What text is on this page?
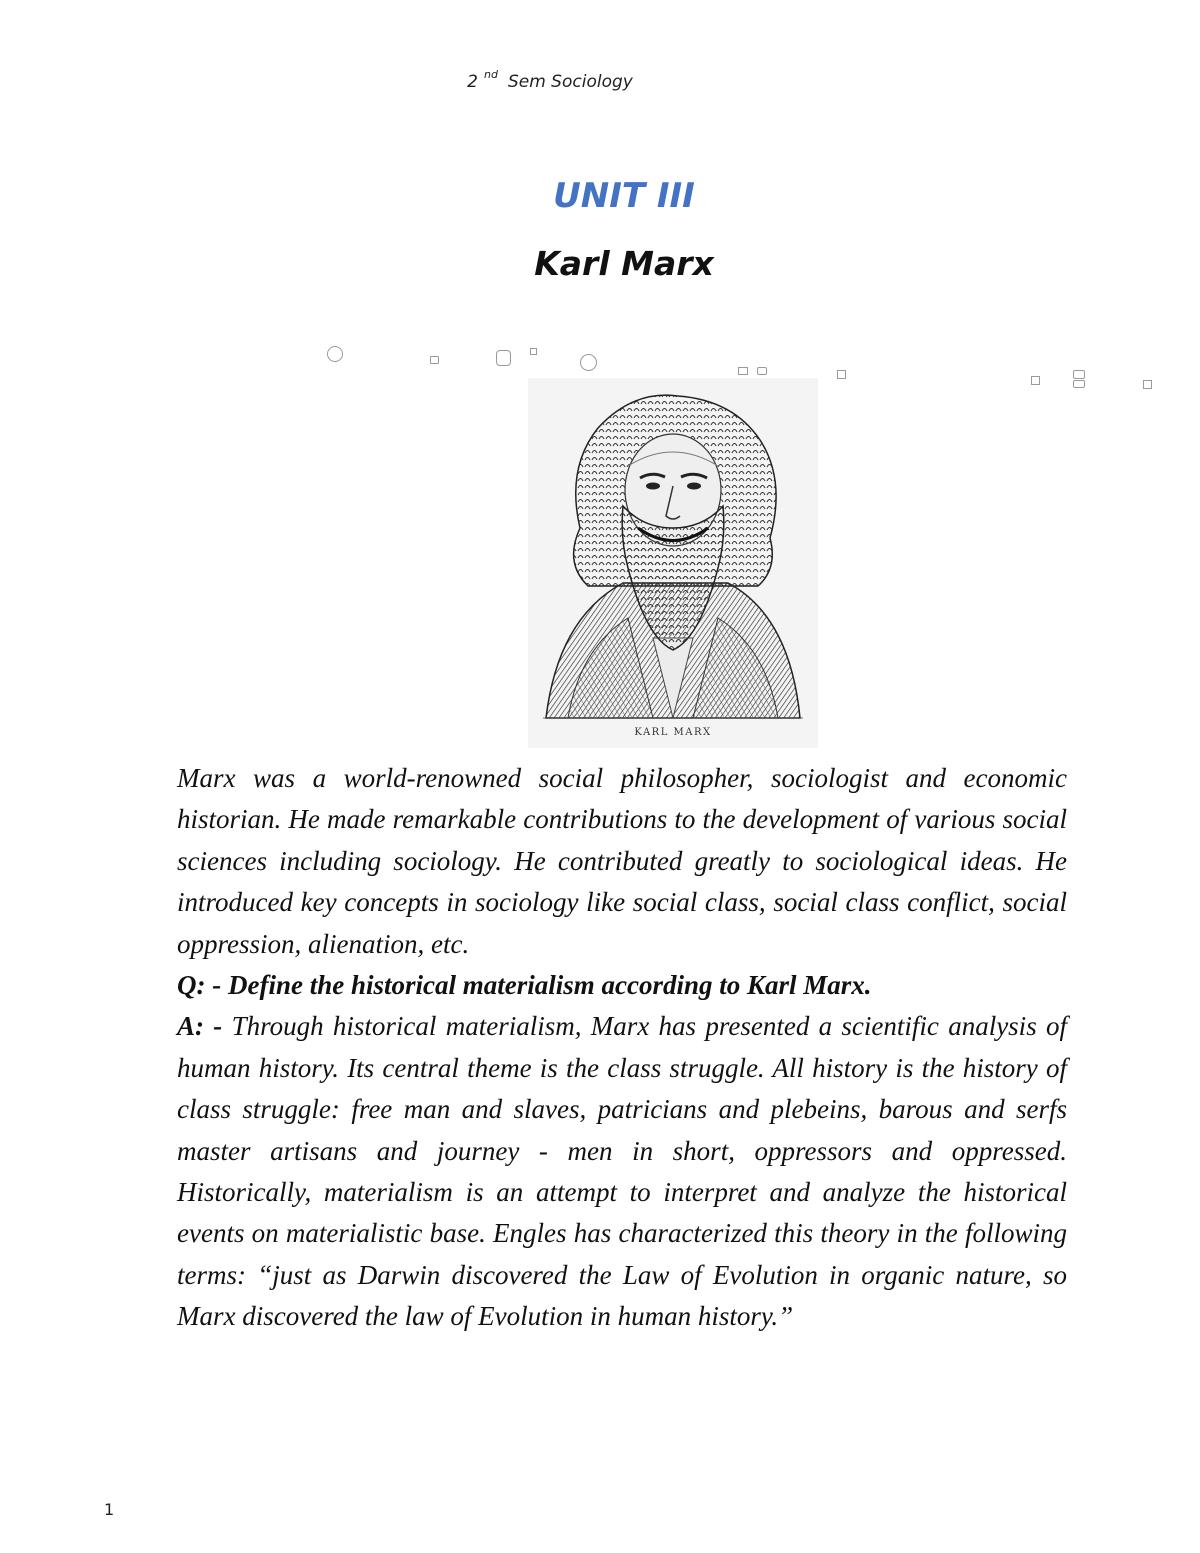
2 $^{nd}$ Sem Sociology
UNIT III
Karl Marx
KARL MARX

Marx was a world-renowned social philosopher, sociologist and economic historian. He made remarkable contributions to the development of various social sciences including sociology. He contributed greatly to sociological ideas. He introduced key concepts in sociology like social class, social class conflict, social oppression, alienation, etc.

Q: - Define the historical materialism according to Karl Marx.

A: - Through historical materialism, Marx has presented a scientific analysis of human history. Its central theme is the class struggle. All history is the history of class struggle: free man and slaves, patricians and plebeins, barous and serfs master artisans and journey - men in short, oppressors and oppressed. Historically, materialism is an attempt to interpret and analyze the historical events on materialistic base. Engles has characterized this theory in the following terms: “just as Darwin discovered the Law of Evolution in organic nature, so Marx discovered the law of Evolution in human history.”

1
